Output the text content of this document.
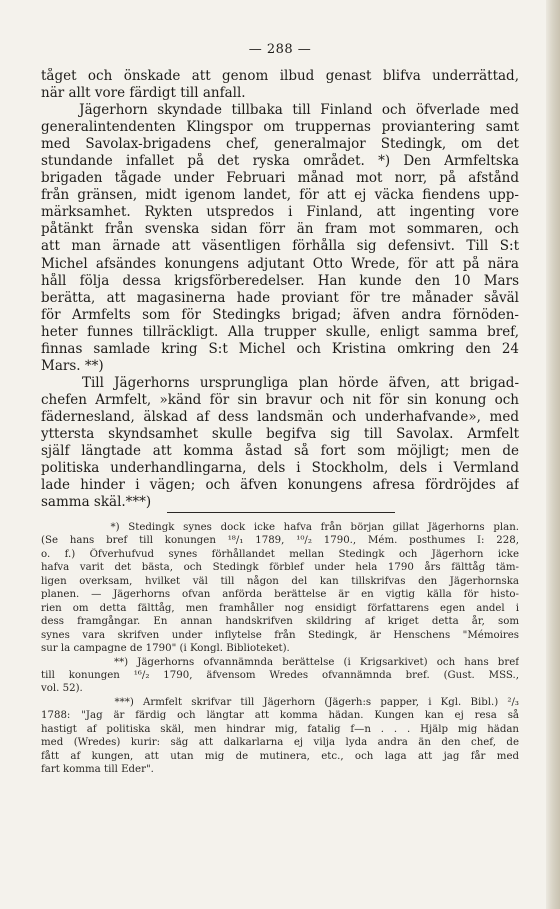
— 288 —
tåget och önskade att genom ilbud genast blifva underrättad,
när allt vore färdigt till anfall.
Jägerhorn skyndade tillbaka till Finland och öfverlade med
generalintendenten Klingspor om truppernas proviantering samt
med Savolax-brigadens chef, generalmajor Stedingk, om det
stundande infallet på det ryska området. *) Den Armfeltska
brigaden tågade under Februari månad mot norr, på afstånd
från gränsen, midt igenom landet, för att ej väcka fiendens upp-
märksamhet. Rykten utspredos i Finland, att ingenting vore
påtänkt från svenska sidan förr än fram mot sommaren, och
att man ärnade att väsentligen förhålla sig defensivt. Till S:t
Michel afsändes konungens adjutant Otto Wrede, för att på nära
håll följa dessa krigsförberedelser. Han kunde den 10 Mars
berätta, att magasinerna hade proviant för tre månader såväl
för Armfelts som för Stedingks brigad; äfven andra förnöden-
heter funnes tillräckligt. Alla trupper skulle, enligt samma bref,
finnas samlade kring S:t Michel och Kristina omkring den 24
Mars. **)
Till Jägerhorns ursprungliga plan hörde äfven, att brigad-
chefen Armfelt, »känd för sin bravur och nit för sin konung och
fäderneslаnd, älskad af dess landsmän och underhafvande», med
yttersta skyndsamhet skulle begifva sig till Savolax. Armfelt
själf längtade att komma åstad så fort som möjligt; men de
politiska underhandlingarna, dels i Stockholm, dels i Vermland
lade hinder i vägen; och äfven konungens afresa fördröjdes af
samma skäl.***)
*) Stedingk synes dock icke hafva från början gillat Jägerhorns plan.
(Se hans bref till konungen ¹⁸/₁ 1789, ¹⁰/₂ 1790., Mém. posthumes I: 228,
o. f.) Öfverhufvud synes förhållandet mellan Stedingk och Jägerhorn icke
hafva varit det bästa, och Stedingk förblef under hela 1790 års fälttåg täm-
ligen overksam, hvilket väl till någon del kan tillskrifvas den Jägerhornska
planen. — Jägerhorns ofvan anförda berättelse är en vigtig källa för histo-
rien om detta fälttåg, men framhåller nog ensidigt författarens egen andel i
dess framgångar. En annan handskrifven skildring af kriget detta år, som
synes vara skrifven under inflytelse från Stedingk, är Henschens "Mémoires
sur la campagne de 1790" (i Kongl. Biblioteket).
**) Jägerhorns ofvannämnda berättelse (i Krigsarkivet) och hans bref
till konungen ¹⁶/₂ 1790, äfvensom Wredes ofvannämnda bref. (Gust. MSS.,
vol. 52).
***) Armfelt skrifvar till Jägerhorn (Jägerh:s papper, i Kgl. Bibl.) ²/₃
1788: "Jag är färdig och längtar att komma hädan. Kungen kan ej resa så
hastigt af politiska skäl, men hindrar mig, fatalig f—n . . . Hjälp mig hädan
med (Wredes) kurir: säg att dalkarlarna ej vilja lyda andra än den chef, de
fått af kungen, att utan mig de mutinera, etc., och laga att jag får med
fart komma till Eder".
